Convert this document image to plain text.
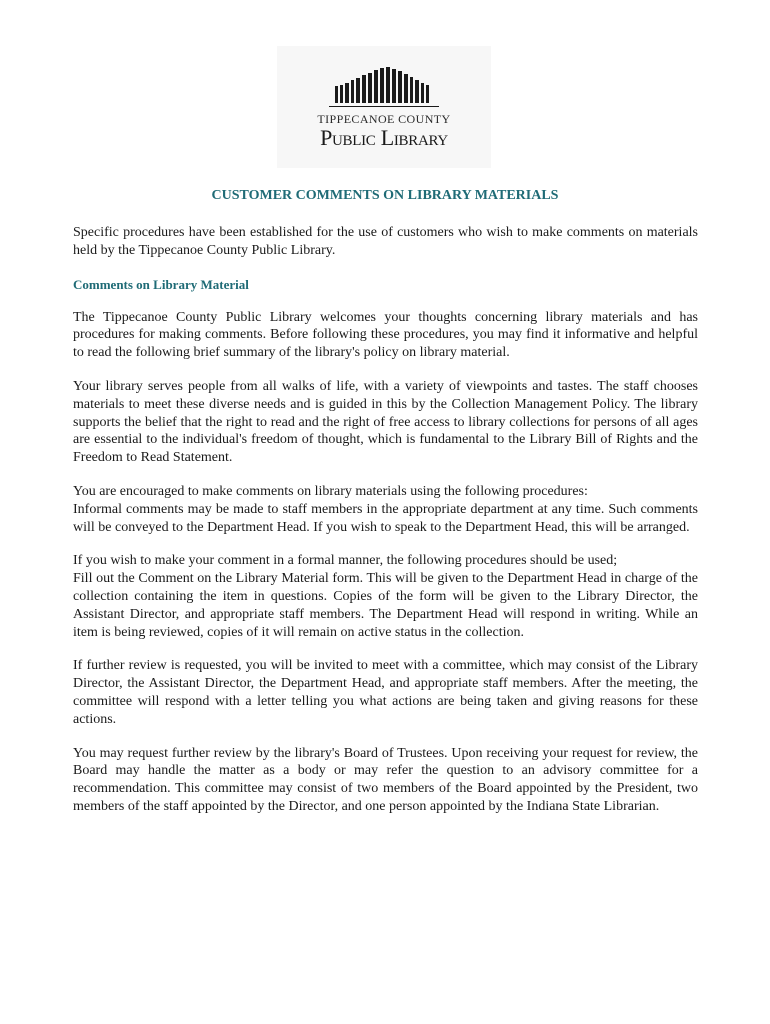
TIPPECANOE COUNTY
Public Library
CUSTOMER COMMENTS ON LIBRARY MATERIALS

Specific procedures have been established for the use of customers who wish to make comments on materials held by the Tippecanoe County Public Library.

Comments on Library Material

The Tippecanoe County Public Library welcomes your thoughts concerning library materials and has procedures for making comments. Before following these procedures, you may find it informative and helpful to read the following brief summary of the library's policy on library material.

Your library serves people from all walks of life, with a variety of viewpoints and tastes. The staff chooses materials to meet these diverse needs and is guided in this by the Collection Management Policy. The library supports the belief that the right to read and the right of free access to library collections for persons of all ages are essential to the individual's freedom of thought, which is fundamental to the Library Bill of Rights and the Freedom to Read Statement.

You are encouraged to make comments on library materials using the following procedures:
Informal comments may be made to staff members in the appropriate department at any time. Such comments will be conveyed to the Department Head. If you wish to speak to the Department Head, this will be arranged.

If you wish to make your comment in a formal manner, the following procedures should be used;
Fill out the Comment on the Library Material form. This will be given to the Department Head in charge of the collection containing the item in questions. Copies of the form will be given to the Library Director, the Assistant Director, and appropriate staff members. The Department Head will respond in writing. While an item is being reviewed, copies of it will remain on active status in the collection.

If further review is requested, you will be invited to meet with a committee, which may consist of the Library Director, the Assistant Director, the Department Head, and appropriate staff members. After the meeting, the committee will respond with a letter telling you what actions are being taken and giving reasons for these actions.

You may request further review by the library's Board of Trustees. Upon receiving your request for review, the Board may handle the matter as a body or may refer the question to an advisory committee for a recommendation. This committee may consist of two members of the Board appointed by the President, two members of the staff appointed by the Director, and one person appointed by the Indiana State Librarian.
